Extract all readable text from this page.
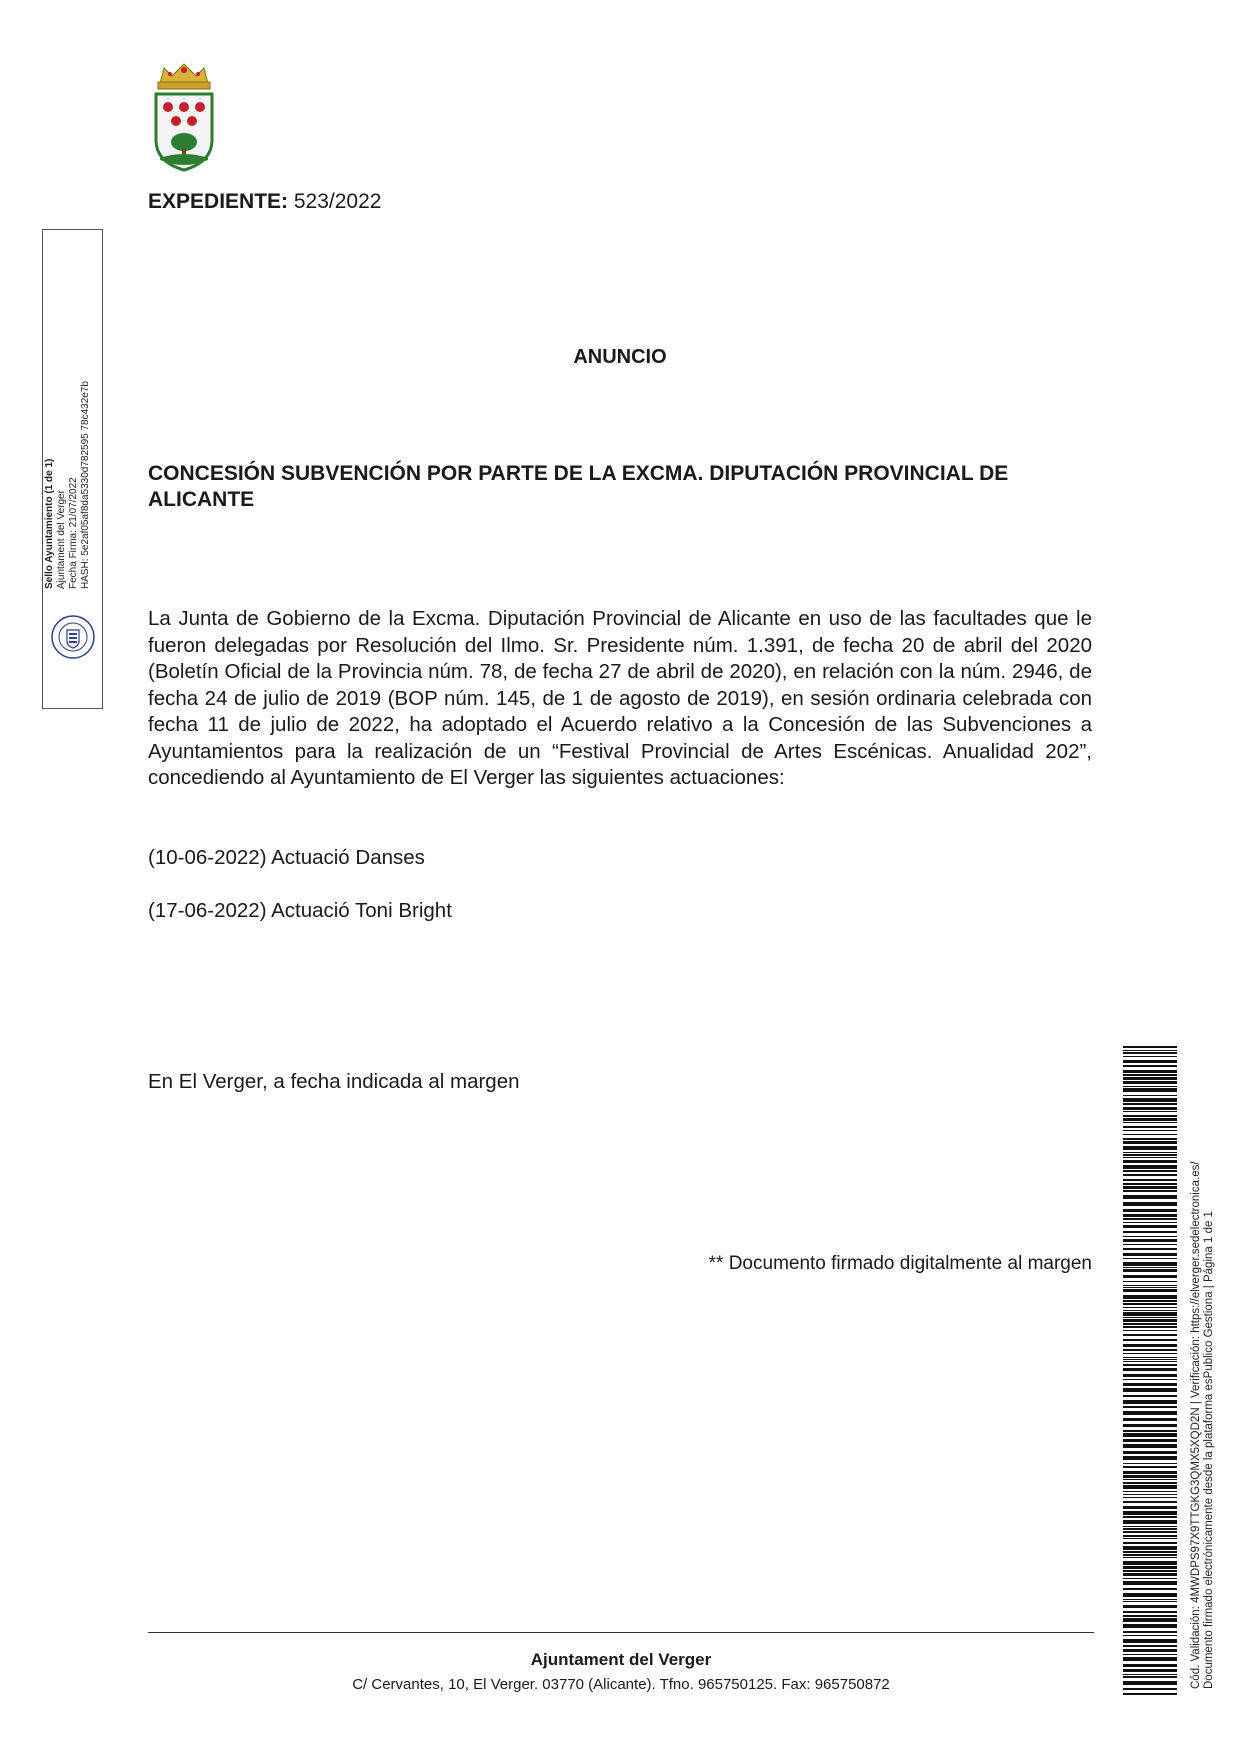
EXPEDIENTE: 523/2022
ANUNCIO
CONCESIÓN SUBVENCIÓN POR PARTE DE LA EXCMA. DIPUTACIÓN PROVINCIAL DE ALICANTE
La Junta de Gobierno de la Excma. Diputación Provincial de Alicante en uso de las facultades que le fueron delegadas por Resolución del Ilmo. Sr. Presidente núm. 1.391, de fecha 20 de abril del 2020 (Boletín Oficial de la Provincia núm. 78, de fecha 27 de abril de 2020), en relación con la núm. 2946, de fecha 24 de julio de 2019 (BOP núm. 145, de 1 de agosto de 2019), en sesión ordinaria celebrada con fecha 11 de julio de 2022, ha adoptado el Acuerdo relativo a la Concesión de las Subvenciones a Ayuntamientos para la realización de un “Festival Provincial de Artes Escénicas. Anualidad 202”, concediendo al Ayuntamiento de El Verger las siguientes actuaciones:
(10-06-2022) Actuació Danses
(17-06-2022) Actuació Toni Bright
En El Verger, a fecha indicada al margen
** Documento firmado digitalmente al margen
Ajuntament del Verger
C/ Cervantes, 10, El Verger. 03770 (Alicante). Tfno. 965750125. Fax: 965750872
Sello Ayuntamiento (1 de 1) Ajuntament del Verger Fecha Firma: 21/07/2022 HASH: 5e2af05af8da5330d782595 78c432e7b
Cód. Validación: 4MWDPS97X9TTGKG3QMX5XQD2N | Verificación: https://elverger.sedelectronica.es/ Documento firmado electrónicamente desde la plataforma esPublico Gestiona | Página 1 de 1
